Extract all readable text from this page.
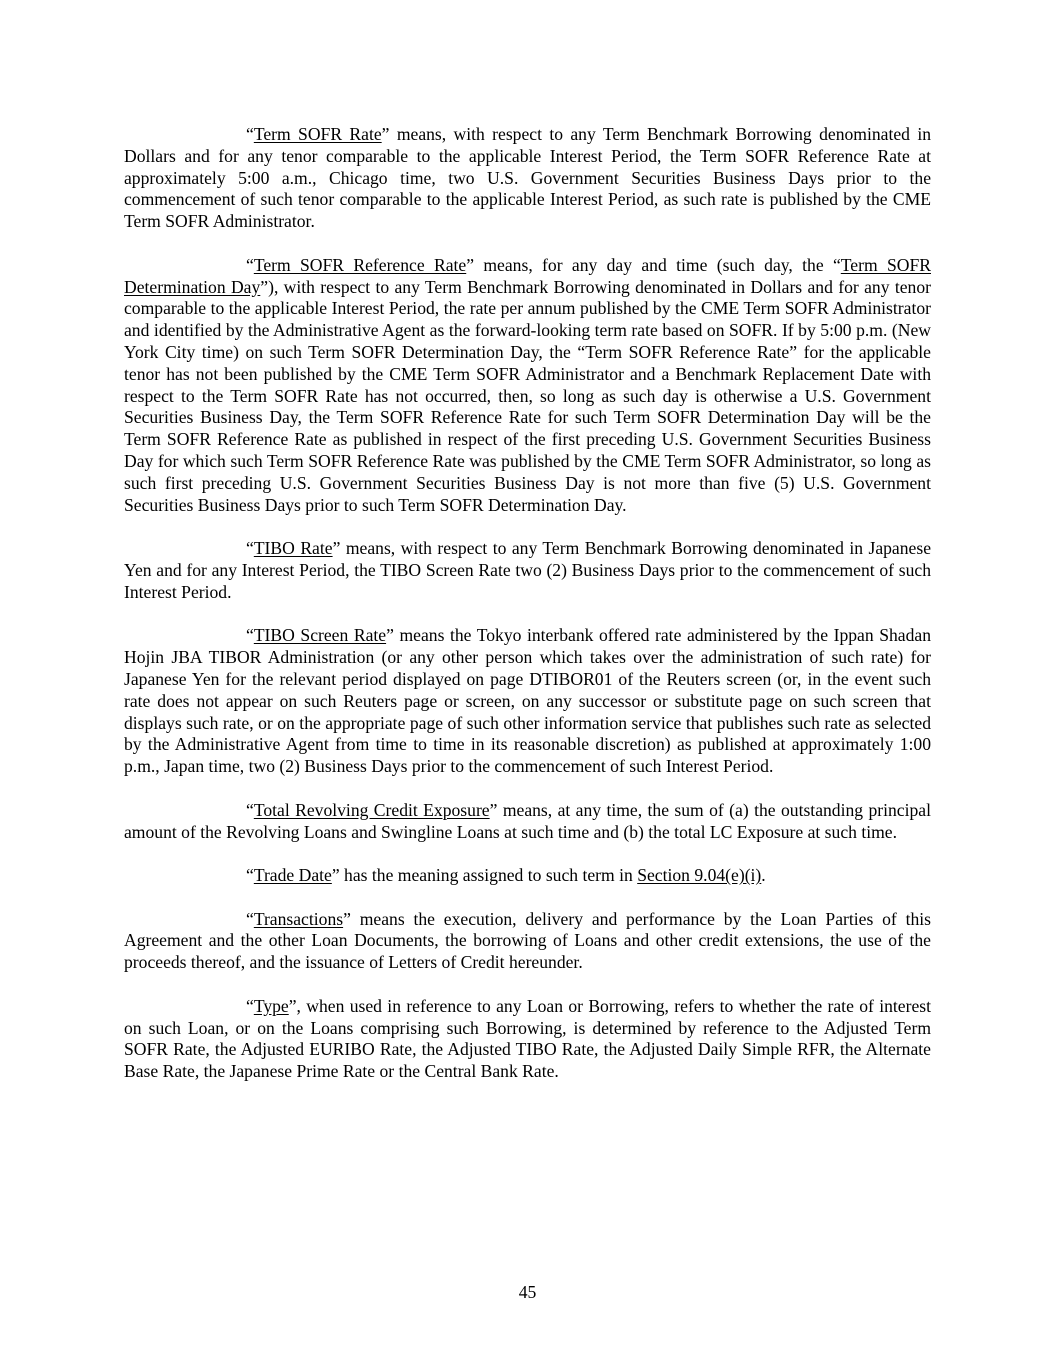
“Term SOFR Rate” means, with respect to any Term Benchmark Borrowing denominated in Dollars and for any tenor comparable to the applicable Interest Period, the Term SOFR Reference Rate at approximately 5:00 a.m., Chicago time, two U.S. Government Securities Business Days prior to the commencement of such tenor comparable to the applicable Interest Period, as such rate is published by the CME Term SOFR Administrator.

“Term SOFR Reference Rate” means, for any day and time (such day, the “Term SOFR Determination Day”), with respect to any Term Benchmark Borrowing denominated in Dollars and for any tenor comparable to the applicable Interest Period, the rate per annum published by the CME Term SOFR Administrator and identified by the Administrative Agent as the forward-looking term rate based on SOFR. If by 5:00 p.m. (New York City time) on such Term SOFR Determination Day, the “Term SOFR Reference Rate” for the applicable tenor has not been published by the CME Term SOFR Administrator and a Benchmark Replacement Date with respect to the Term SOFR Rate has not occurred, then, so long as such day is otherwise a U.S. Government Securities Business Day, the Term SOFR Reference Rate for such Term SOFR Determination Day will be the Term SOFR Reference Rate as published in respect of the first preceding U.S. Government Securities Business Day for which such Term SOFR Reference Rate was published by the CME Term SOFR Administrator, so long as such first preceding U.S. Government Securities Business Day is not more than five (5) U.S. Government Securities Business Days prior to such Term SOFR Determination Day.

“TIBO Rate” means, with respect to any Term Benchmark Borrowing denominated in Japanese Yen and for any Interest Period, the TIBO Screen Rate two (2) Business Days prior to the commencement of such Interest Period.

“TIBO Screen Rate” means the Tokyo interbank offered rate administered by the Ippan Shadan Hojin JBA TIBOR Administration (or any other person which takes over the administration of such rate) for Japanese Yen for the relevant period displayed on page DTIBOR01 of the Reuters screen (or, in the event such rate does not appear on such Reuters page or screen, on any successor or substitute page on such screen that displays such rate, or on the appropriate page of such other information service that publishes such rate as selected by the Administrative Agent from time to time in its reasonable discretion) as published at approximately 1:00 p.m., Japan time, two (2) Business Days prior to the commencement of such Interest Period.

“Total Revolving Credit Exposure” means, at any time, the sum of (a) the outstanding principal amount of the Revolving Loans and Swingline Loans at such time and (b) the total LC Exposure at such time.

“Trade Date” has the meaning assigned to such term in Section 9.04(e)(i).

“Transactions” means the execution, delivery and performance by the Loan Parties of this Agreement and the other Loan Documents, the borrowing of Loans and other credit extensions, the use of the proceeds thereof, and the issuance of Letters of Credit hereunder.

“Type”, when used in reference to any Loan or Borrowing, refers to whether the rate of interest on such Loan, or on the Loans comprising such Borrowing, is determined by reference to the Adjusted Term SOFR Rate, the Adjusted EURIBO Rate, the Adjusted TIBO Rate, the Adjusted Daily Simple RFR, the Alternate Base Rate, the Japanese Prime Rate or the Central Bank Rate.

45
